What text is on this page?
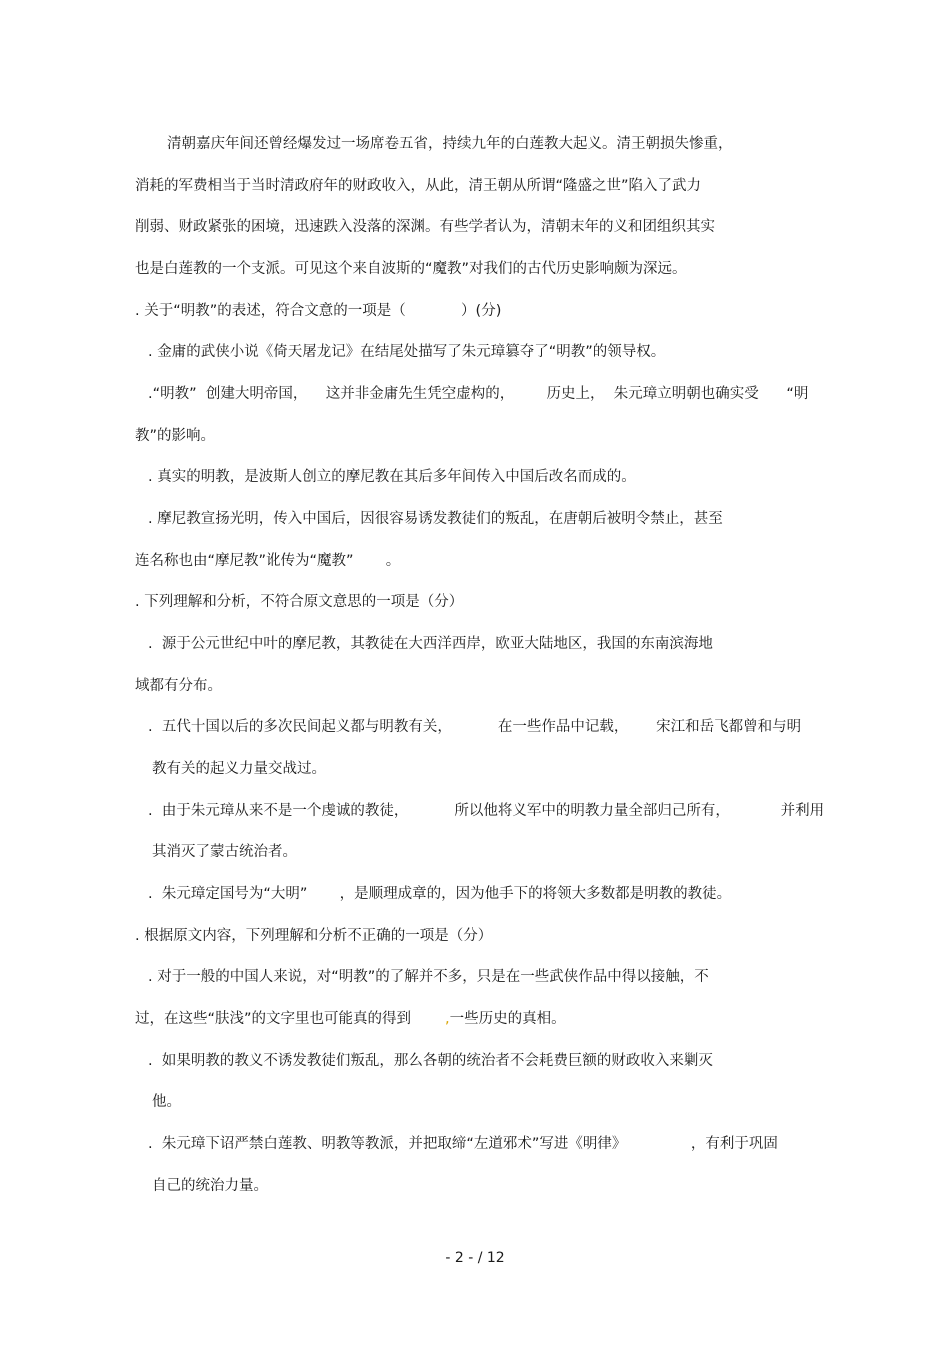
清朝嘉庆年间还曾经爆发过一场席卷五省，持续九年的白莲教大起义。清王朝损失惨重，
消耗的军费相当于当时清政府年的财政收入，从此，清王朝从所谓“隆盛之世”陷入了武力
削弱、财政紧张的困境，迅速跌入没落的深渊。有些学者认为，清朝末年的义和团组织其实
也是白莲教的一个支派。可见这个来自波斯的“魔教”对我们的古代历史影响颇为深远。
. 关于“明教”的表述，符合文意的一项是（            ）(分)
. 金庸的武侠小说《倚天屠龙记》在结尾处描写了朱元璋篡夺了“明教”的领导权。
.“明教”  创建大明帝国，    这并非金庸先生凭空虚构的，       历史上，  朱元璋立明朝也确实受      “明
教”的影响。
. 真实的明教，是波斯人创立的摩尼教在其后多年间传入中国后改名而成的。
. 摩尼教宣扬光明，传入中国后，因很容易诱发教徒们的叛乱，在唐朝后被明令禁止，甚至
连名称也由“摩尼教”讹传为“魔教”       。
. 下列理解和分析，不符合原文意思的一项是（分）
.  源于公元世纪中叶的摩尼教，其教徒在大西洋西岸，欧亚大陆地区，我国的东南滨海地
域都有分布。
.  五代十国以后的多次民间起义都与明教有关，          在一些作品中记载，      宋江和岳飞都曾和与明
教有关的起义力量交战过。
.  由于朱元璋从来不是一个虔诚的教徒，          所以他将义军中的明教力量全部归己所有，           并利用
其消灭了蒙古统治者。
.  朱元璋定国号为“大明”       ，是顺理成章的，因为他手下的将领大多数都是明教的教徒。
. 根据原文内容，下列理解和分析不正确的一项是（分）
. 对于一般的中国人来说，对“明教”的了解并不多，只是在一些武侠作品中得以接触，不
过，在这些“肤浅”的文字里也可能真的得到 ,一些历史的真相。
.  如果明教的教义不诱发教徒们叛乱，那么各朝的统治者不会耗费巨额的财政收入来剿灭
他。
.  朱元璋下诏严禁白莲教、明教等教派，并把取缔“左道邪术”写进《明律》              ，有利于巩固
自己的统治力量。
- 2 - / 12
